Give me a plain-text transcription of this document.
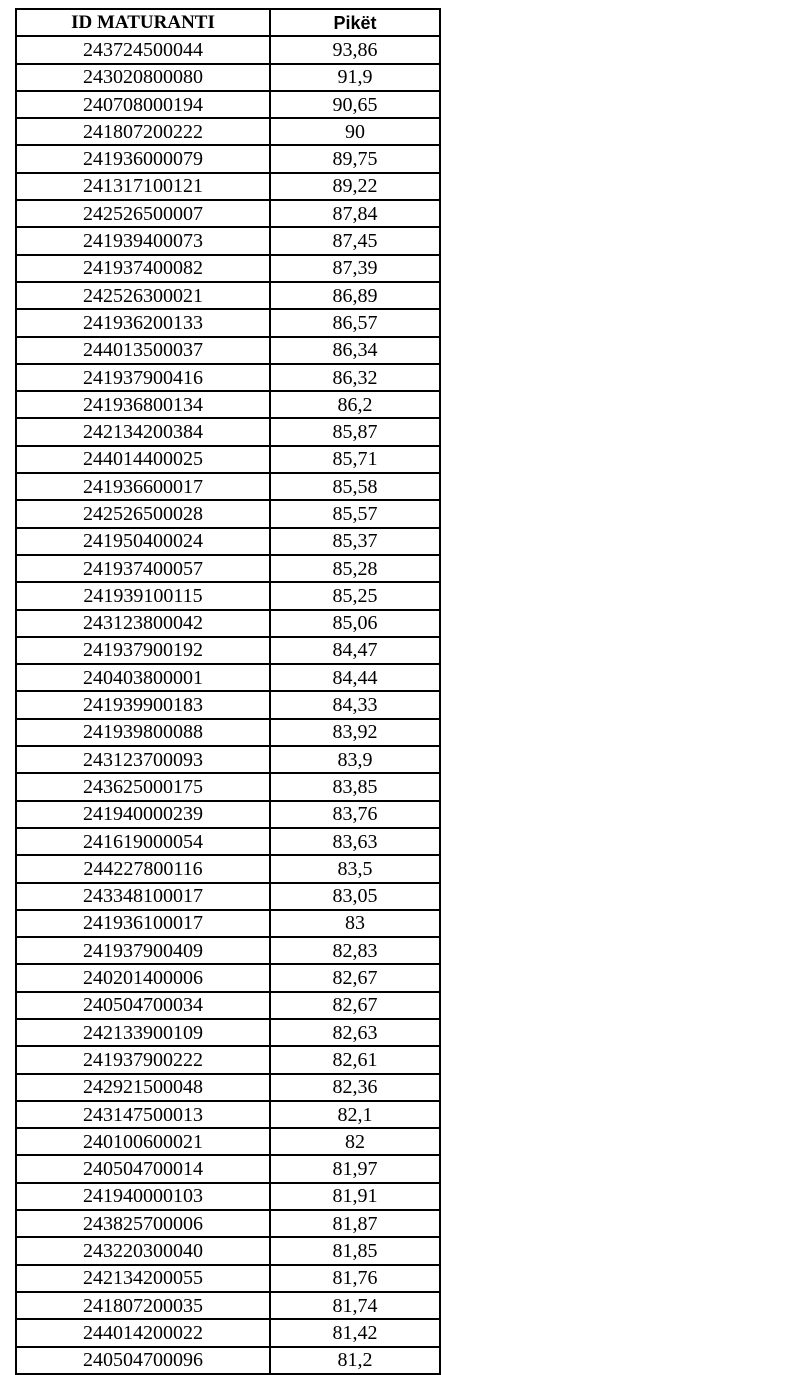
ID MATURANTI	Pikët
243724500044	93,86
243020800080	91,9
240708000194	90,65
241807200222	90
241936000079	89,75
241317100121	89,22
242526500007	87,84
241939400073	87,45
241937400082	87,39
242526300021	86,89
241936200133	86,57
244013500037	86,34
241937900416	86,32
241936800134	86,2
242134200384	85,87
244014400025	85,71
241936600017	85,58
242526500028	85,57
241950400024	85,37
241937400057	85,28
241939100115	85,25
243123800042	85,06
241937900192	84,47
240403800001	84,44
241939900183	84,33
241939800088	83,92
243123700093	83,9
243625000175	83,85
241940000239	83,76
241619000054	83,63
244227800116	83,5
243348100017	83,05
241936100017	83
241937900409	82,83
240201400006	82,67
240504700034	82,67
242133900109	82,63
241937900222	82,61
242921500048	82,36
243147500013	82,1
240100600021	82
240504700014	81,97
241940000103	81,91
243825700006	81,87
243220300040	81,85
242134200055	81,76
241807200035	81,74
244014200022	81,42
240504700096	81,2
